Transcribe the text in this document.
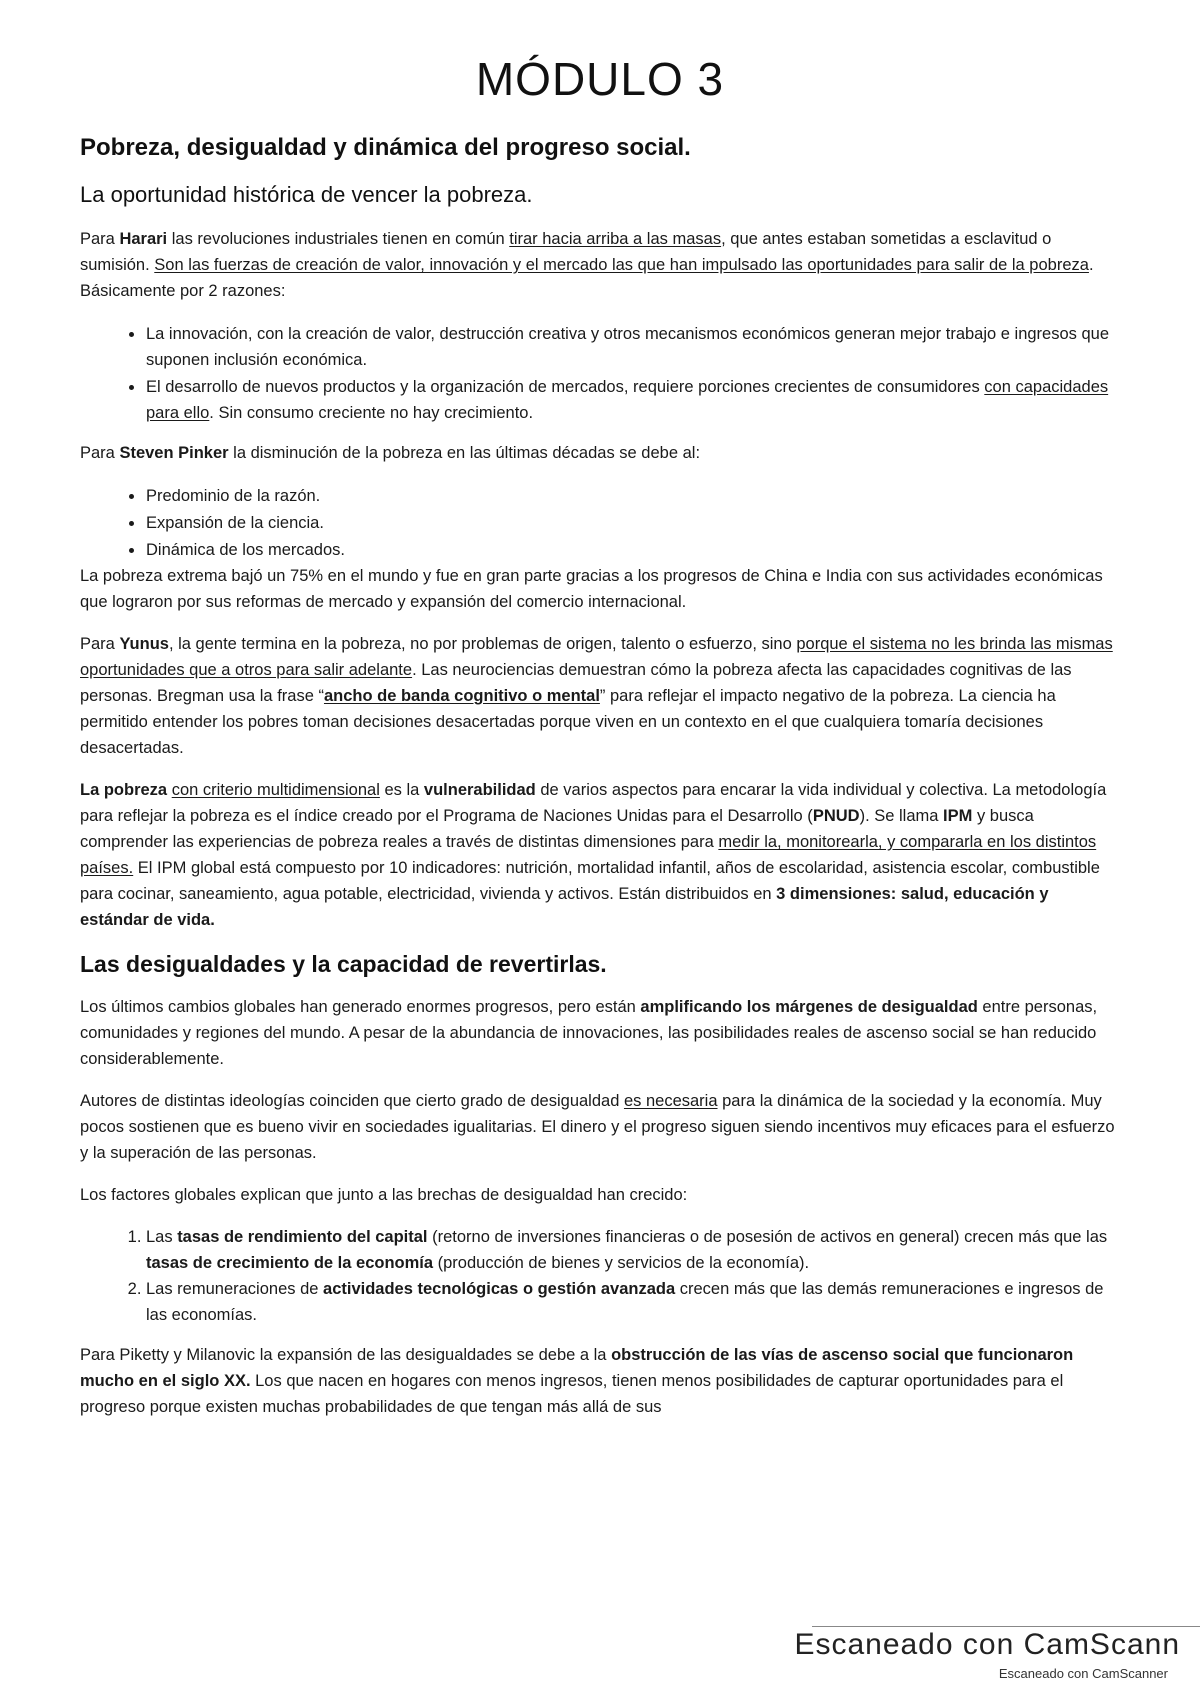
MÓDULO 3
Pobreza, desigualdad y dinámica del progreso social.
La oportunidad histórica de vencer la pobreza.

Para Harari las revoluciones industriales tienen en común tirar hacia arriba a las masas, que antes estaban sometidas a esclavitud o sumisión. Son las fuerzas de creación de valor, innovación y el mercado las que han impulsado las oportunidades para salir de la pobreza. Básicamente por 2 razones:

• La innovación, con la creación de valor, destrucción creativa y otros mecanismos económicos generan mejor trabajo e ingresos que suponen inclusión económica.
• El desarrollo de nuevos productos y la organización de mercados, requiere porciones crecientes de consumidores con capacidades para ello. Sin consumo creciente no hay crecimiento.

Para Steven Pinker la disminución de la pobreza en las últimas décadas se debe al:

• Predominio de la razón.
• Expansión de la ciencia.
• Dinámica de los mercados.

La pobreza extrema bajó un 75% en el mundo y fue en gran parte gracias a los progresos de China e India con sus actividades económicas que lograron por sus reformas de mercado y expansión del comercio internacional.

Para Yunus, la gente termina en la pobreza, no por problemas de origen, talento o esfuerzo, sino porque el sistema no les brinda las mismas oportunidades que a otros para salir adelante. Las neurociencias demuestran cómo la pobreza afecta las capacidades cognitivas de las personas. Bregman usa la frase “ancho de banda cognitivo o mental” para reflejar el impacto negativo de la pobreza. La ciencia ha permitido entender los pobres toman decisiones desacertadas porque viven en un contexto en el que cualquiera tomaría decisiones desacertadas.

La pobreza con criterio multidimensional es la vulnerabilidad de varios aspectos para encarar la vida individual y colectiva. La metodología para reflejar la pobreza es el índice creado por el Programa de Naciones Unidas para el Desarrollo (PNUD). Se llama IPM y busca comprender las experiencias de pobreza reales a través de distintas dimensiones para medir la, monitorearla, y compararla en los distintos países. El IPM global está compuesto por 10 indicadores: nutrición, mortalidad infantil, años de escolaridad, asistencia escolar, combustible para cocinar, saneamiento, agua potable, electricidad, vivienda y activos. Están distribuidos en 3 dimensiones: salud, educación y estándar de vida.

Las desigualdades y la capacidad de revertirlas.

Los últimos cambios globales han generado enormes progresos, pero están amplificando los márgenes de desigualdad entre personas, comunidades y regiones del mundo. A pesar de la abundancia de innovaciones, las posibilidades reales de ascenso social se han reducido considerablemente.

Autores de distintas ideologías coinciden que cierto grado de desigualdad es necesaria para la dinámica de la sociedad y la economía. Muy pocos sostienen que es bueno vivir en sociedades igualitarias. El dinero y el progreso siguen siendo incentivos muy eficaces para el esfuerzo y la superación de las personas.

Los factores globales explican que junto a las brechas de desigualdad han crecido:

1. Las tasas de rendimiento del capital (retorno de inversiones financieras o de posesión de activos en general) crecen más que las tasas de crecimiento de la economía (producción de bienes y servicios de la economía).
2. Las remuneraciones de actividades tecnológicas o gestión avanzada crecen más que las demás remuneraciones e ingresos de las economías.

Para Piketty y Milanovic la expansión de las desigualdades se debe a la obstrucción de las vías de ascenso social que funcionaron mucho en el siglo XX. Los que nacen en hogares con menos ingresos, tienen menos posibilidades de capturar oportunidades para el progreso porque existen muchas probabilidades de que tengan más allá de sus

Escaneado con CamScann
Escaneado con CamScanner
